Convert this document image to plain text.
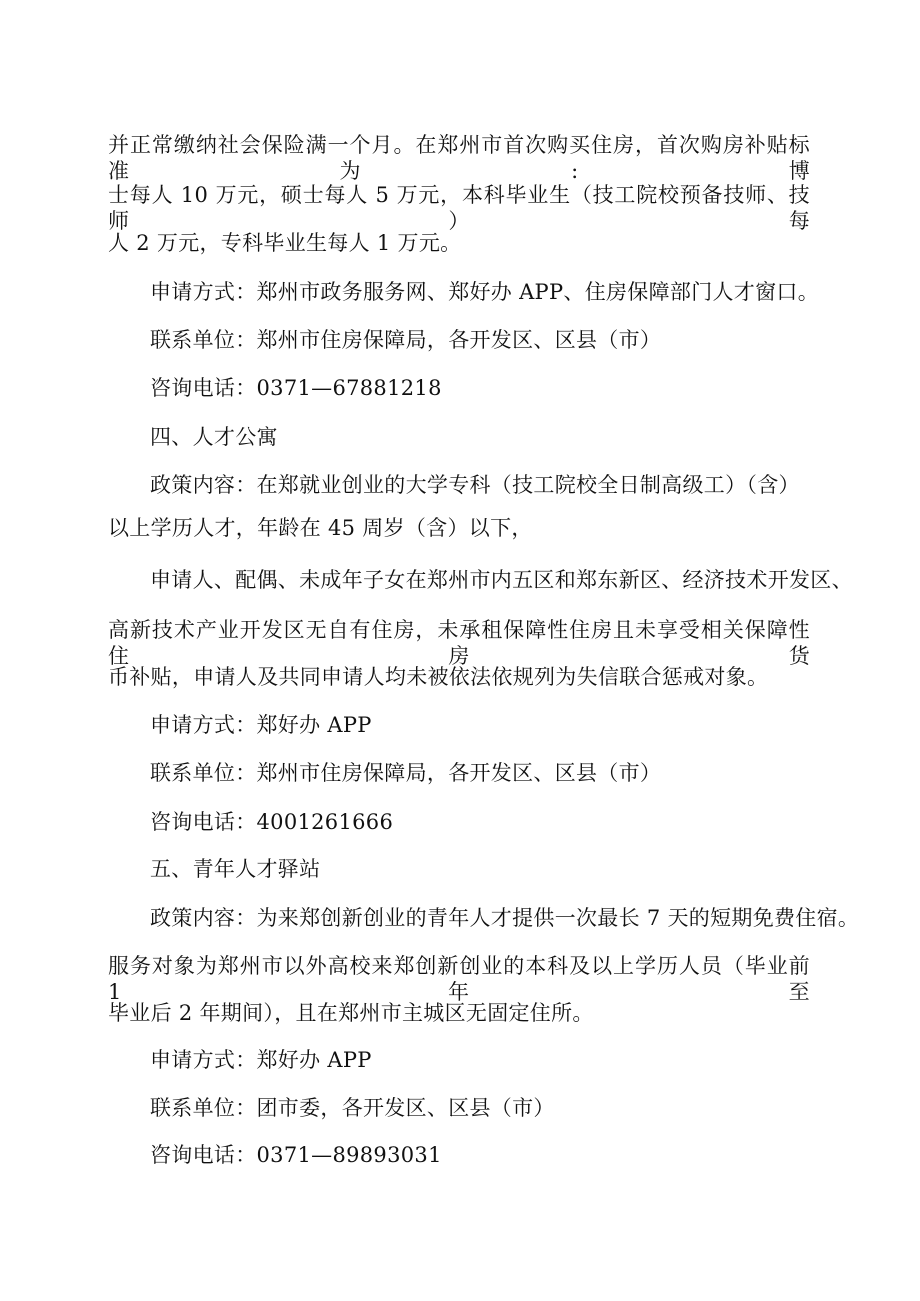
并正常缴纳社会保险满一个月。在郑州市首次购买住房，首次购房补贴标准为:博
士每人 10 万元，硕士每人 5 万元，本科毕业生（技工院校预备技师、技师）每
人 2 万元，专科毕业生每人 1 万元。
申请方式：郑州市政务服务网、郑好办 APP、住房保障部门人才窗口。
联系单位：郑州市住房保障局，各开发区、区县（市）
咨询电话：0371—67881218
四、人才公寓
政策内容：在郑就业创业的大学专科（技工院校全日制高级工）（含）
以上学历人才，年龄在 45 周岁（含）以下，
申请人、配偶、未成年子女在郑州市内五区和郑东新区、经济技术开发区、
高新技术产业开发区无自有住房，未承租保障性住房且未享受相关保障性住房货
币补贴，申请人及共同申请人均未被依法依规列为失信联合惩戒对象。
申请方式：郑好办 APP
联系单位：郑州市住房保障局，各开发区、区县（市）
咨询电话：4001261666
五、青年人才驿站
政策内容：为来郑创新创业的青年人才提供一次最长 7 天的短期免费住宿。
服务对象为郑州市以外高校来郑创新创业的本科及以上学历人员（毕业前 1 年至
毕业后 2 年期间），且在郑州市主城区无固定住所。
申请方式：郑好办 APP
联系单位：团市委，各开发区、区县（市）
咨询电话：0371—89893031
